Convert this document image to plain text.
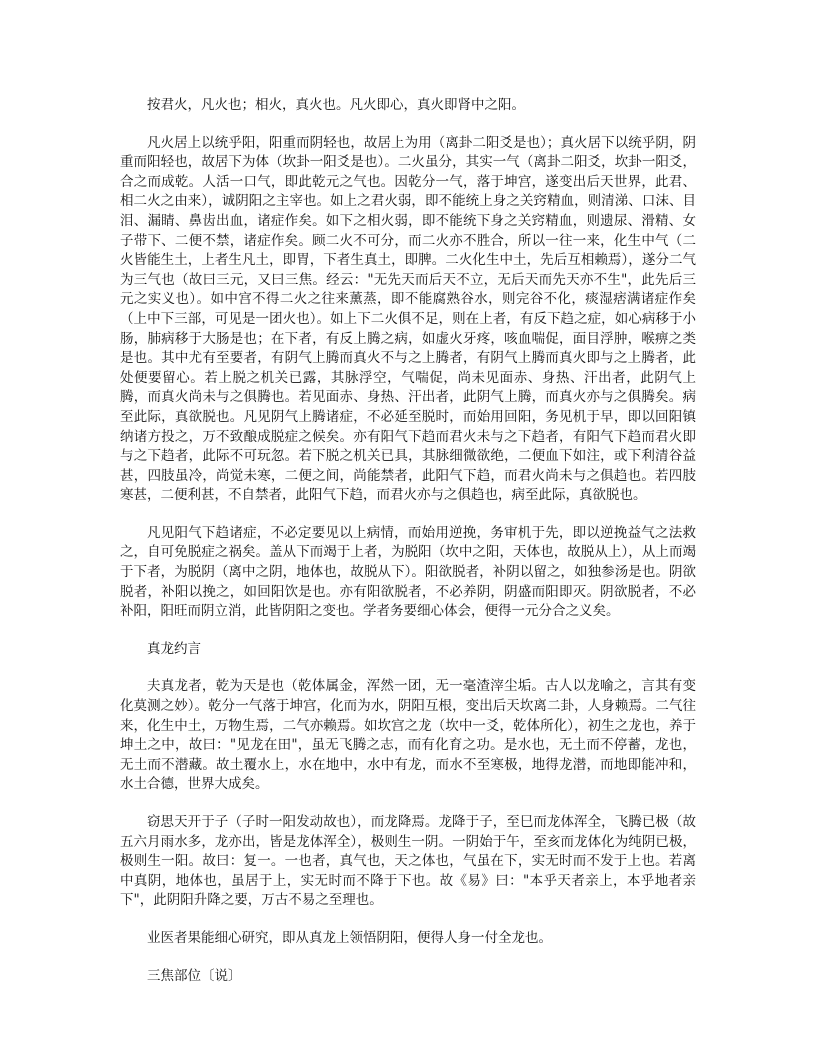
按君火，凡火也；相火，真火也。凡火即心，真火即肾中之阳。

凡火居上以统乎阳，阳重而阴轻也，故居上为用（离卦二阳爻是也）；真火居下以统乎阴，阴重而阳轻也，故居下为体（坎卦一阳爻是也）。二火虽分，其实一气（离卦二阳爻，坎卦一阳爻，合之而成乾。人活一口气，即此乾元之气也。因乾分一气，落于坤宫，遂变出后天世界，此君、相二火之由来），诚阴阳之主宰也。如上之君火弱，即不能统上身之关窍精血，则清涕、口沫、目泪、漏睛、鼻齿出血，诸症作矣。如下之相火弱，即不能统下身之关窍精血，则遗尿、滑精、女子带下、二便不禁，诸症作矣。顾二火不可分，而二火亦不胜合，所以一往一来，化生中气（二火皆能生土，上者生凡土，即胃，下者生真土，即脾。二火化生中土，先后互相赖焉），遂分二气为三气也（故曰三元，又曰三焦。经云："无先天而后天不立，无后天而先天亦不生"，此先后三元之实义也）。如中宫不得二火之往来薰蒸，即不能腐熟谷水，则完谷不化，痰湿痞满诸症作矣（上中下三部，可见是一团火也）。如上下二火俱不足，则在上者，有反下趋之症，如心病移于小肠，肺病移于大肠是也；在下者，有反上腾之病，如虚火牙疼，咳血喘促，面目浮肿，喉痹之类是也。其中尤有至要者，有阴气上腾而真火不与之上腾者，有阴气上腾而真火即与之上腾者，此处便要留心。若上脱之机关已露，其脉浮空，气喘促，尚未见面赤、身热、汗出者，此阴气上腾，而真火尚未与之俱腾也。若见面赤、身热、汗出者，此阴气上腾，而真火亦与之俱腾矣。病至此际，真欲脱也。凡见阴气上腾诸症，不必延至脱时，而始用回阳，务见机于早，即以回阳镇纳诸方投之，万不致酿成脱症之候矣。亦有阳气下趋而君火未与之下趋者，有阳气下趋而君火即与之下趋者，此际不可玩忽。若下脱之机关已具，其脉细微欲绝，二便血下如注，或下利清谷益甚，四肢虽冷，尚觉未寒，二便之间，尚能禁者，此阳气下趋，而君火尚未与之俱趋也。若四肢寒甚，二便利甚，不自禁者，此阳气下趋，而君火亦与之俱趋也，病至此际，真欲脱也。

凡见阳气下趋诸症，不必定要见以上病情，而始用逆挽，务审机于先，即以逆挽益气之法救之，自可免脱症之祸矣。盖从下而竭于上者，为脱阳（坎中之阳，天体也，故脱从上），从上而竭于下者，为脱阴（离中之阴，地体也，故脱从下）。阳欲脱者，补阴以留之，如独参汤是也。阴欲脱者，补阳以挽之，如回阳饮是也。亦有阳欲脱者，不必养阴，阴盛而阳即灭。阴欲脱者，不必补阳，阳旺而阴立消，此皆阴阳之变也。学者务要细心体会，便得一元分合之义矣。

真龙约言

夫真龙者，乾为天是也（乾体属金，浑然一团，无一毫渣滓尘垢。古人以龙喻之，言其有变化莫测之妙）。乾分一气落于坤宫，化而为水，阴阳互根，变出后天坎离二卦，人身赖焉。二气往来，化生中土，万物生焉，二气亦赖焉。如坎宫之龙（坎中一爻，乾体所化），初生之龙也，养于坤土之中，故曰："见龙在田"，虽无飞腾之志，而有化育之功。是水也，无土而不停蓄，龙也，无土而不潜藏。故土覆水上，水在地中，水中有龙，而水不至寒极，地得龙潜，而地即能冲和，水土合德，世界大成矣。

窃思天开于子（子时一阳发动故也），而龙降焉。龙降于子，至巳而龙体浑全，飞腾已极（故五六月雨水多，龙亦出，皆是龙体浑全），极则生一阴。一阴始于午，至亥而龙体化为纯阴已极，极则生一阳。故曰：复一。一也者，真气也，天之体也，气虽在下，实无时而不发于上也。若离中真阴，地体也，虽居于上，实无时而不降于下也。故《易》曰："本乎天者亲上，本乎地者亲下"，此阴阳升降之要，万古不易之至理也。

业医者果能细心研究，即从真龙上领悟阴阳，便得人身一付全龙也。

三焦部位〔说〕
